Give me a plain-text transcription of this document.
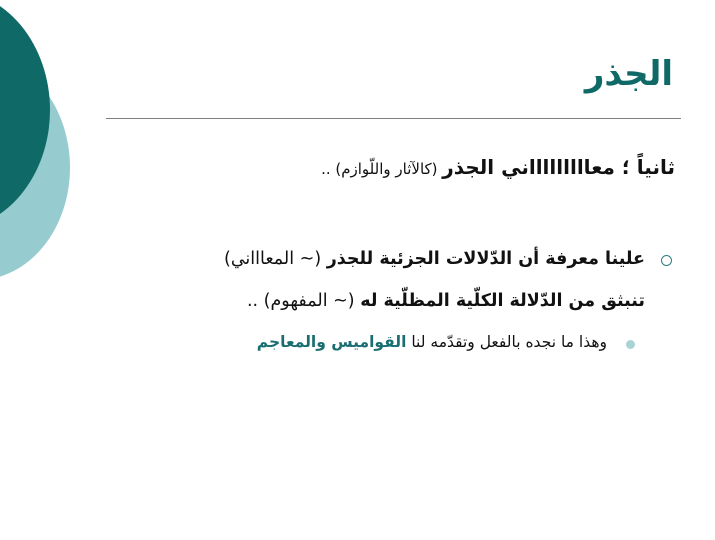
الجذر
ثانياً ؛ معاااااااااني الجذر (كالآثار واللّوازم) ..
علينا معرفة أن الدّلالات الجزئية للجذر (~ المعاااني)
تنبثق من الدّلالة الكلّية المظلّية له (~ المفهوم) ..
وهذا ما نجده بالفعل وتقدّمه لنا القواميس والمعاجم
